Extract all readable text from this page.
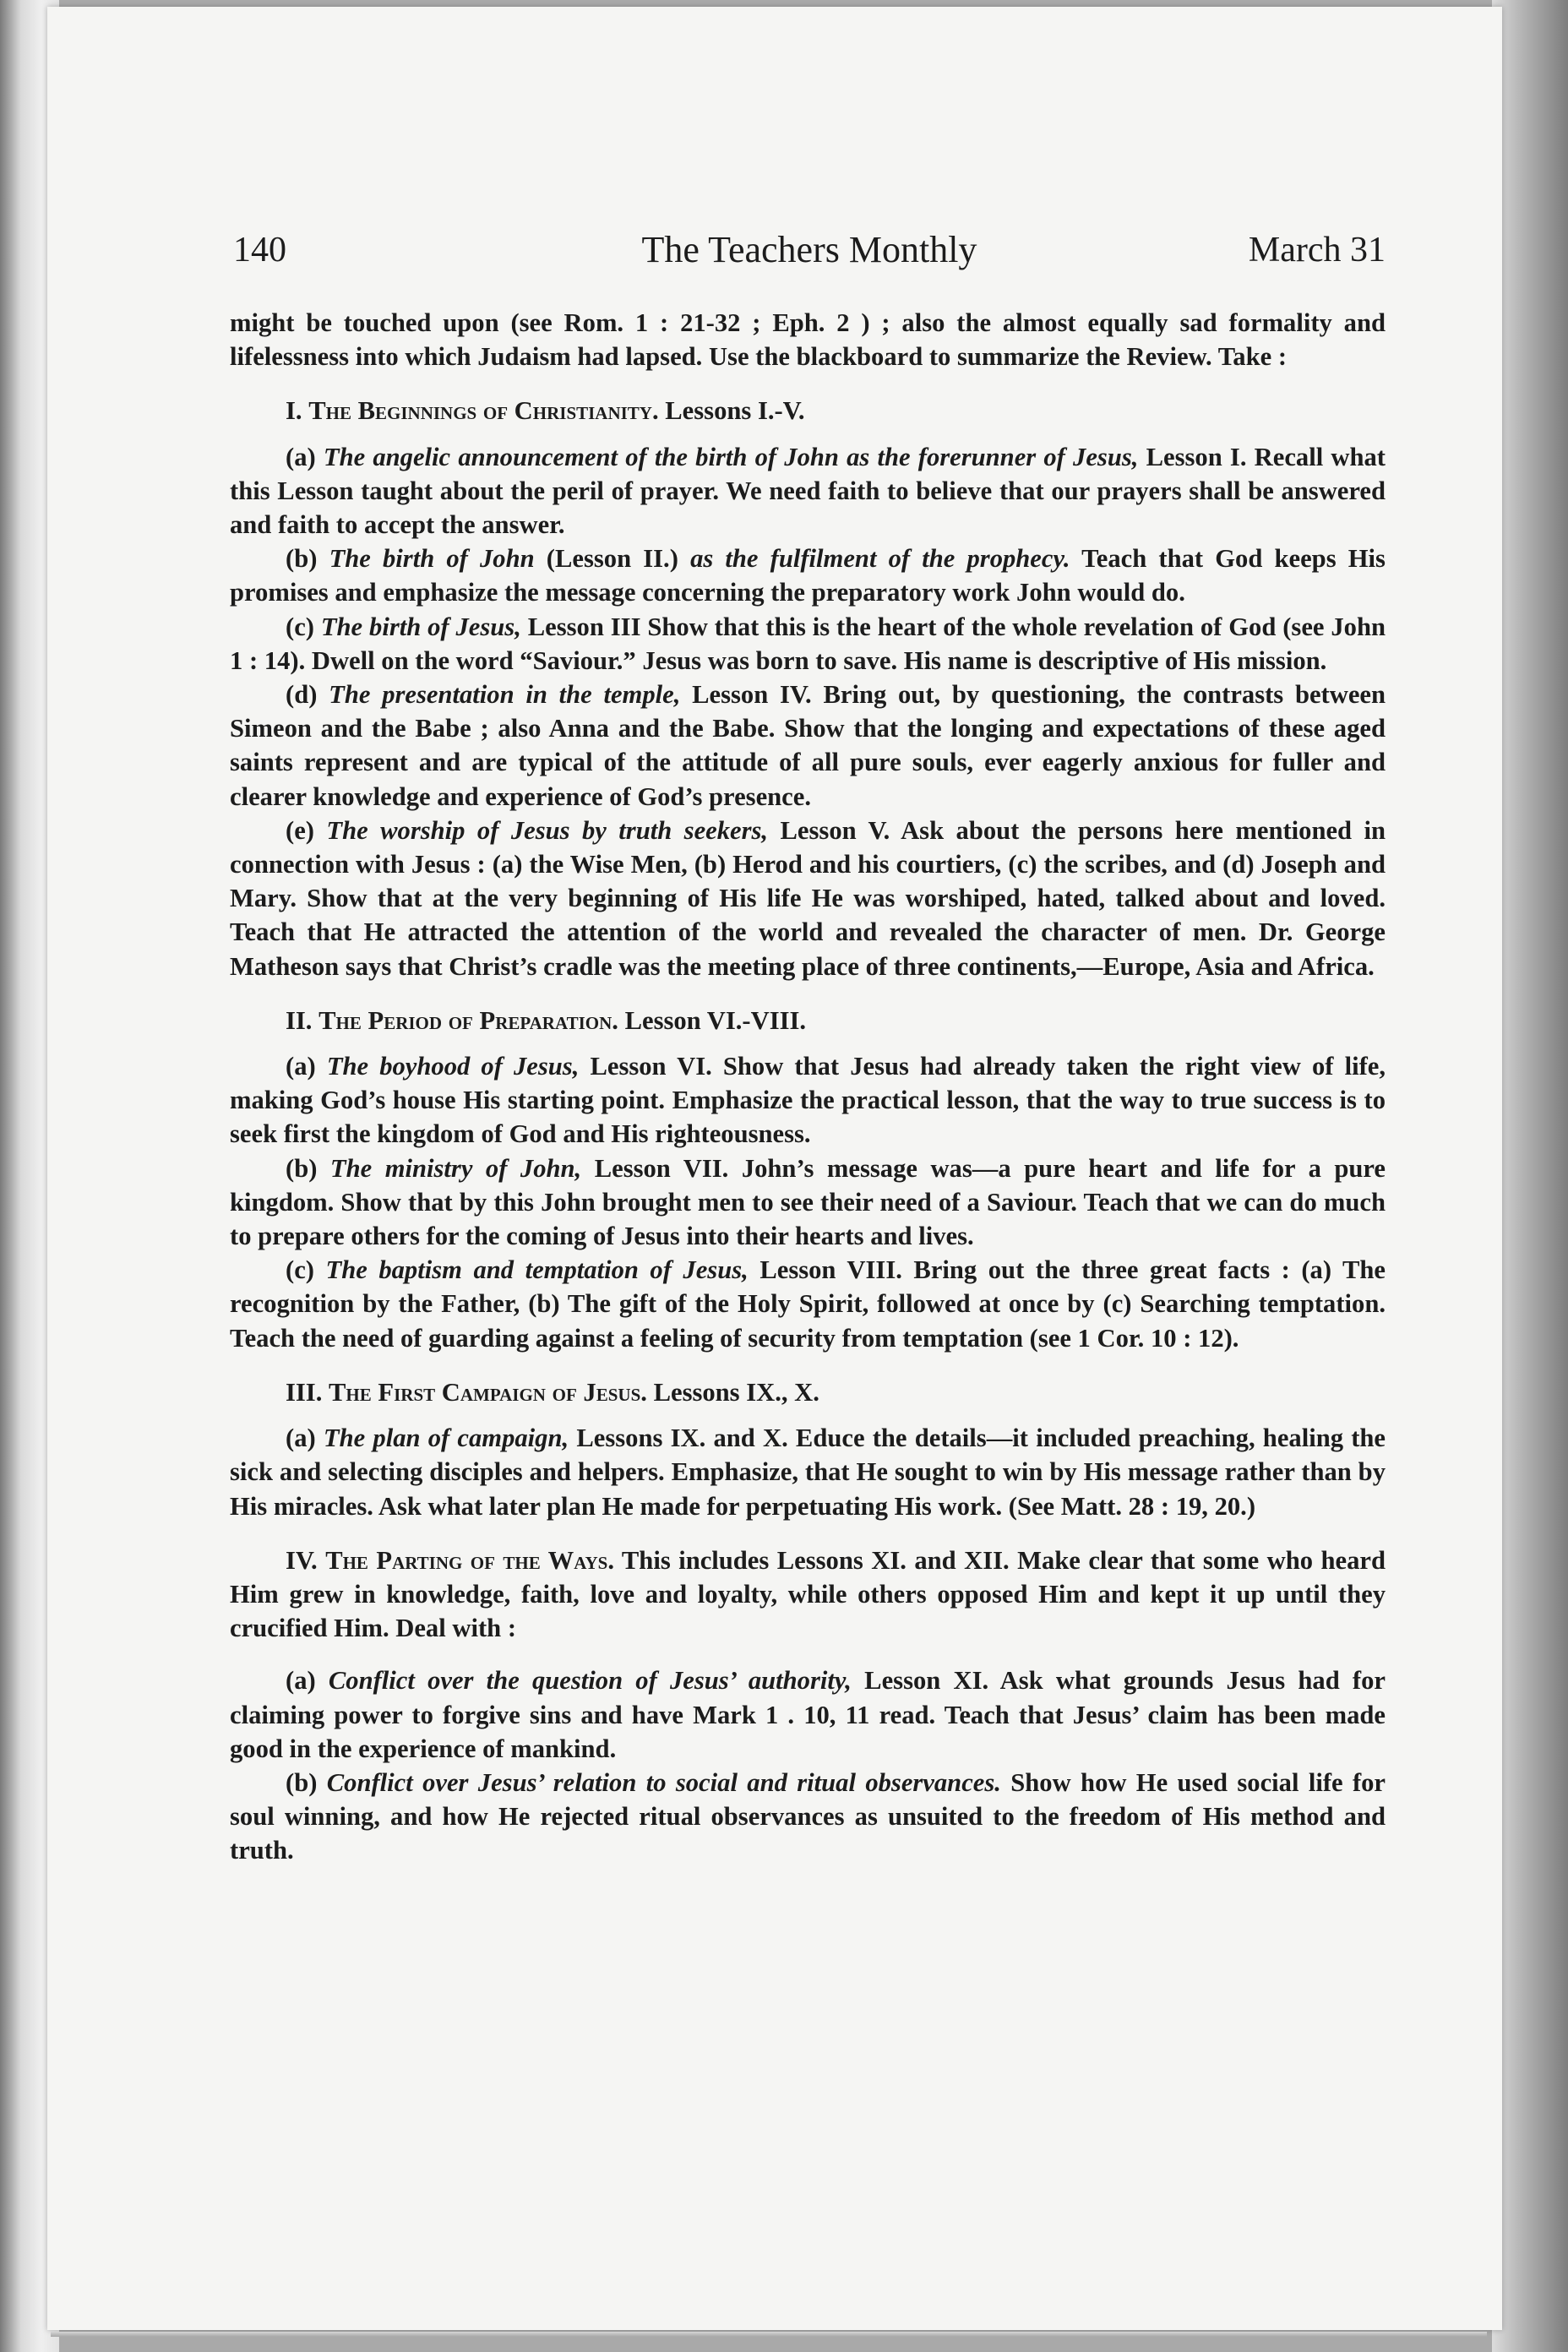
140	The Teachers Monthly	March 31

might be touched upon (see Rom. 1 : 21-32 ; Eph. 2 ) ; also the almost equally sad formality and lifelessness into which Judaism had lapsed. Use the blackboard to summarize the Review. Take :

I. The Beginnings of Christianity. Lessons I.-V.

(a) The angelic announcement of the birth of John as the forerunner of Jesus, Lesson I. Recall what this Lesson taught about the peril of prayer. We need faith to believe that our prayers shall be answered and faith to accept the answer.

(b) The birth of John (Lesson II.) as the fulfilment of the prophecy. Teach that God keeps His promises and emphasize the message concerning the preparatory work John would do.

(c) The birth of Jesus, Lesson III Show that this is the heart of the whole revelation of God (see John 1 : 14). Dwell on the word “Saviour.” Jesus was born to save. His name is descriptive of His mission.

(d) The presentation in the temple, Lesson IV. Bring out, by questioning, the contrasts between Simeon and the Babe ; also Anna and the Babe. Show that the longing and expectations of these aged saints represent and are typical of the attitude of all pure souls, ever eagerly anxious for fuller and clearer knowledge and experience of God’s presence.

(e) The worship of Jesus by truth seekers, Lesson V. Ask about the persons here mentioned in connection with Jesus : (a) the Wise Men, (b) Herod and his courtiers, (c) the scribes, and (d) Joseph and Mary. Show that at the very beginning of His life He was worshiped, hated, talked about and loved. Teach that He attracted the attention of the world and revealed the character of men. Dr. George Matheson says that Christ’s cradle was the meeting place of three continents,—Europe, Asia and Africa.

II. The Period of Preparation. Lesson VI.-VIII.

(a) The boyhood of Jesus, Lesson VI. Show that Jesus had already taken the right view of life, making God’s house His starting point. Emphasize the practical lesson, that the way to true success is to seek first the kingdom of God and His righteousness.

(b) The ministry of John, Lesson VII. John’s message was—a pure heart and life for a pure kingdom. Show that by this John brought men to see their need of a Saviour. Teach that we can do much to prepare others for the coming of Jesus into their hearts and lives.

(c) The baptism and temptation of Jesus, Lesson VIII. Bring out the three great facts : (a) The recognition by the Father, (b) The gift of the Holy Spirit, followed at once by (c) Searching temptation. Teach the need of guarding against a feeling of security from temptation (see 1 Cor. 10 : 12).

III. The First Campaign of Jesus. Lessons IX., X.

(a) The plan of campaign, Lessons IX. and X. Educe the details—it included preaching, healing the sick and selecting disciples and helpers. Emphasize, that He sought to win by His message rather than by His miracles. Ask what later plan He made for perpetuating His work. (See Matt. 28 : 19, 20.)

IV. The Parting of the Ways. This includes Lessons XI. and XII. Make clear that some who heard Him grew in knowledge, faith, love and loyalty, while others opposed Him and kept it up until they crucified Him. Deal with :

(a) Conflict over the question of Jesus’ authority, Lesson XI. Ask what grounds Jesus had for claiming power to forgive sins and have Mark 1 . 10, 11 read. Teach that Jesus’ claim has been made good in the experience of mankind.

(b) Conflict over Jesus’ relation to social and ritual observances. Show how He used social life for soul winning, and how He rejected ritual observances as unsuited to the freedom of His method and truth.
